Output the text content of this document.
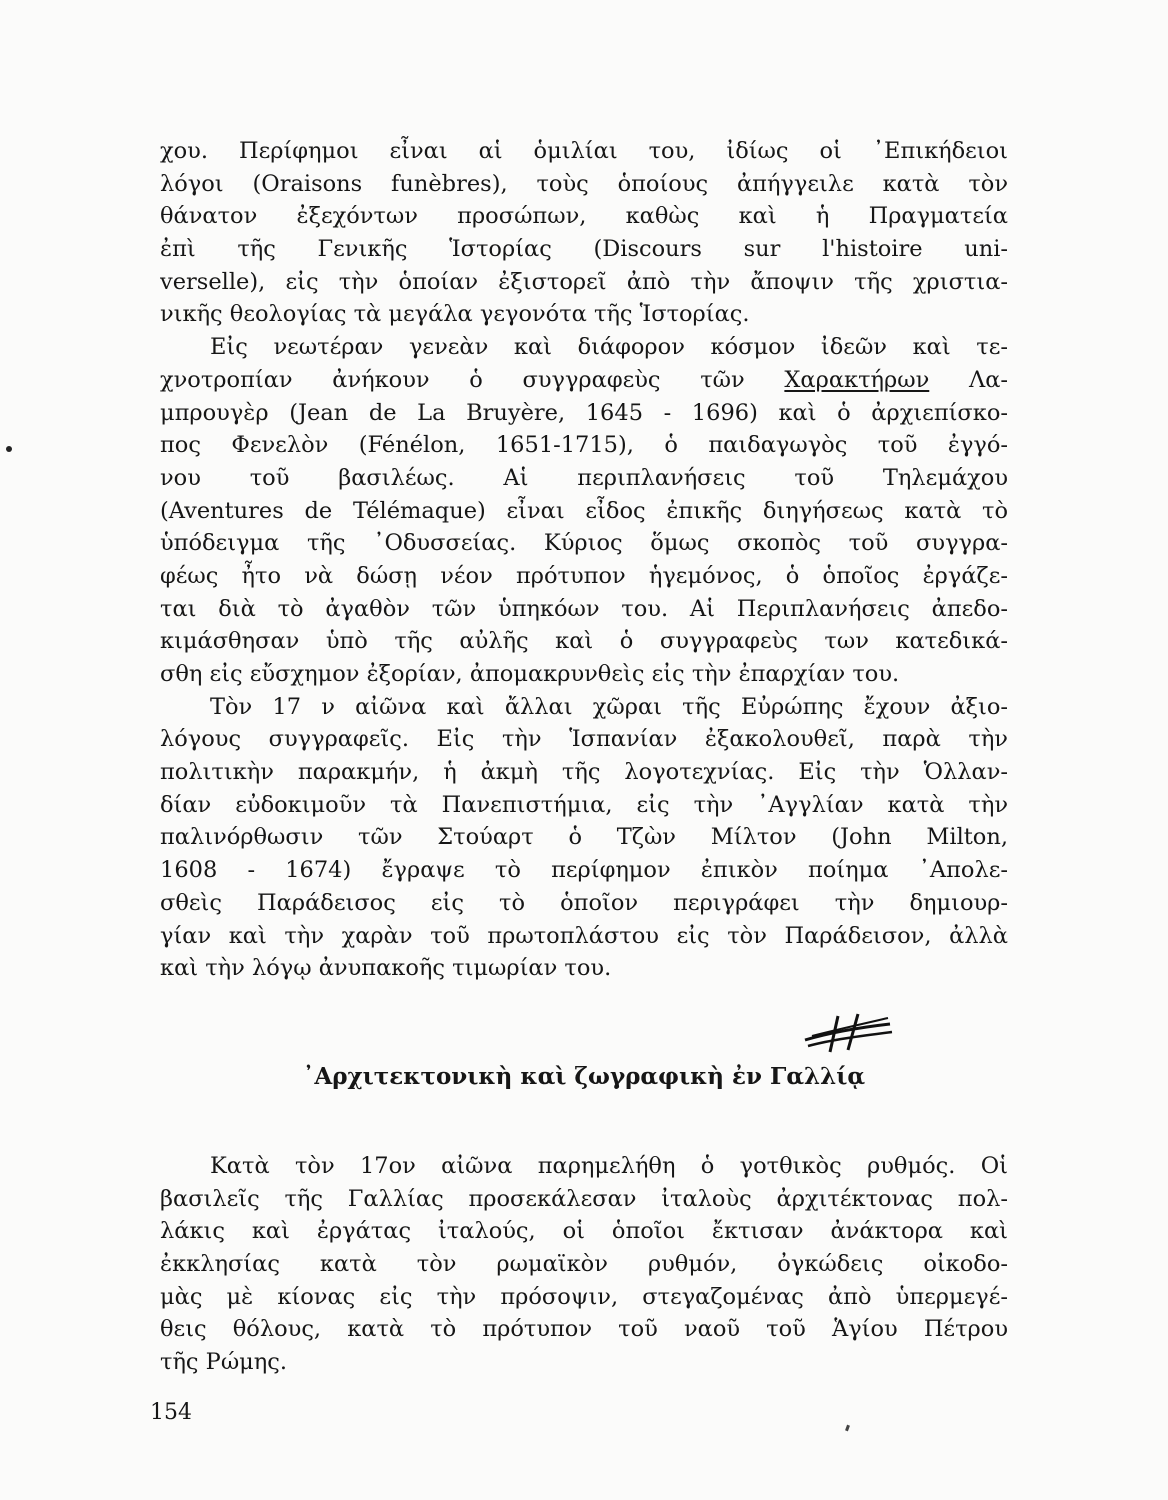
χου. Περίφημοι εἶναι αἱ ὁμιλίαι του, ἰδίως οἱ ᾿Επικήδειοι
λόγοι (Oraisons funèbres), τοὺς ὁποίους ἀπήγγειλε κατὰ τὸν
θάνατον ἐξεχόντων προσώπων, καθὼς καὶ ἡ Πραγματεία
ἐπὶ τῆς Γενικῆς Ἱστορίας (Discours sur l'histoire uni-
verselle), εἰς τὴν ὁποίαν ἐξιστορεῖ ἀπὸ τὴν ἄποψιν τῆς χριστια-
νικῆς θεολογίας τὰ μεγάλα γεγονότα τῆς Ἱστορίας.
Εἰς νεωτέραν γενεὰν καὶ διάφορον κόσμον ἰδεῶν καὶ τε-
χνοτροπίαν ἀνήκουν ὁ συγγραφεὺς τῶν Χαρακτήρων Λα-
μπρουγὲρ (Jean de La Bruyère, 1645 - 1696) καὶ ὁ ἀρχιεπίσκο-
πος Φενελὸν (Fénélon, 1651-1715), ὁ παιδαγωγὸς τοῦ ἐγγό-
νου τοῦ βασιλέως. Αἱ περιπλανήσεις τοῦ Τηλεμάχου
(Aventures de Télémaque) εἶναι εἶδος ἐπικῆς διηγήσεως κατὰ τὸ
ὑπόδειγμα τῆς ᾿Οδυσσείας. Κύριος ὅμως σκοπὸς τοῦ συγγρα-
φέως ἦτο νὰ δώσῃ νέον πρότυπον ἡγεμόνος, ὁ ὁποῖος ἐργάζε-
ται διὰ τὸ ἀγαθὸν τῶν ὑπηκόων του. Αἱ Περιπλανήσεις ἀπεδο-
κιμάσθησαν ὑπὸ τῆς αὐλῆς καὶ ὁ συγγραφεὺς των κατεδικά-
σθη εἰς εὔσχημον ἐξορίαν, ἀπομακρυνθεὶς εἰς τὴν ἐπαρχίαν του.
Τὸν 17 ν αἰῶνα καὶ ἄλλαι χῶραι τῆς Εὐρώπης ἔχουν ἀξιο-
λόγους συγγραφεῖς. Εἰς τὴν Ἱσπανίαν ἐξακολουθεῖ, παρὰ τὴν
πολιτικὴν παρακμήν, ἡ ἀκμὴ τῆς λογοτεχνίας. Εἰς τὴν Ὁλλαν-
δίαν εὐδοκιμοῦν τὰ Πανεπιστήμια, εἰς τὴν ᾿Αγγλίαν κατὰ τὴν
παλινόρθωσιν τῶν Στούαρτ ὁ Τζὼν Μίλτον (John Milton,
1608 - 1674) ἔγραψε τὸ περίφημον ἐπικὸν ποίημα ᾿Απολε-
σθεὶς Παράδεισος εἰς τὸ ὁποῖον περιγράφει τὴν δημιουρ-
γίαν καὶ τὴν χαρὰν τοῦ πρωτοπλάστου εἰς τὸν Παράδεισον, ἀλλὰ
καὶ τὴν λόγῳ ἀνυπακοῆς τιμωρίαν του.
᾿Αρχιτεκτονικὴ καὶ ζωγραφικὴ ἐν Γαλλίᾳ
Κατὰ τὸν 17ον αἰῶνα παρημελήθη ὁ γοτθικὸς ρυθμός. Οἱ
βασιλεῖς τῆς Γαλλίας προσεκάλεσαν ἰταλοὺς ἀρχιτέκτονας πολ-
λάκις καὶ ἐργάτας ἰταλούς, οἱ ὁποῖοι ἔκτισαν ἀνάκτορα καὶ
ἐκκλησίας κατὰ τὸν ρωμαϊκὸν ρυθμόν, ὀγκώδεις οἰκοδο-
μὰς μὲ κίονας εἰς τὴν πρόσοψιν, στεγαζομένας ἀπὸ ὑπερμεγέ-
θεις θόλους, κατὰ τὸ πρότυπον τοῦ ναοῦ τοῦ Ἁγίου Πέτρου
τῆς Ρώμης.
154
